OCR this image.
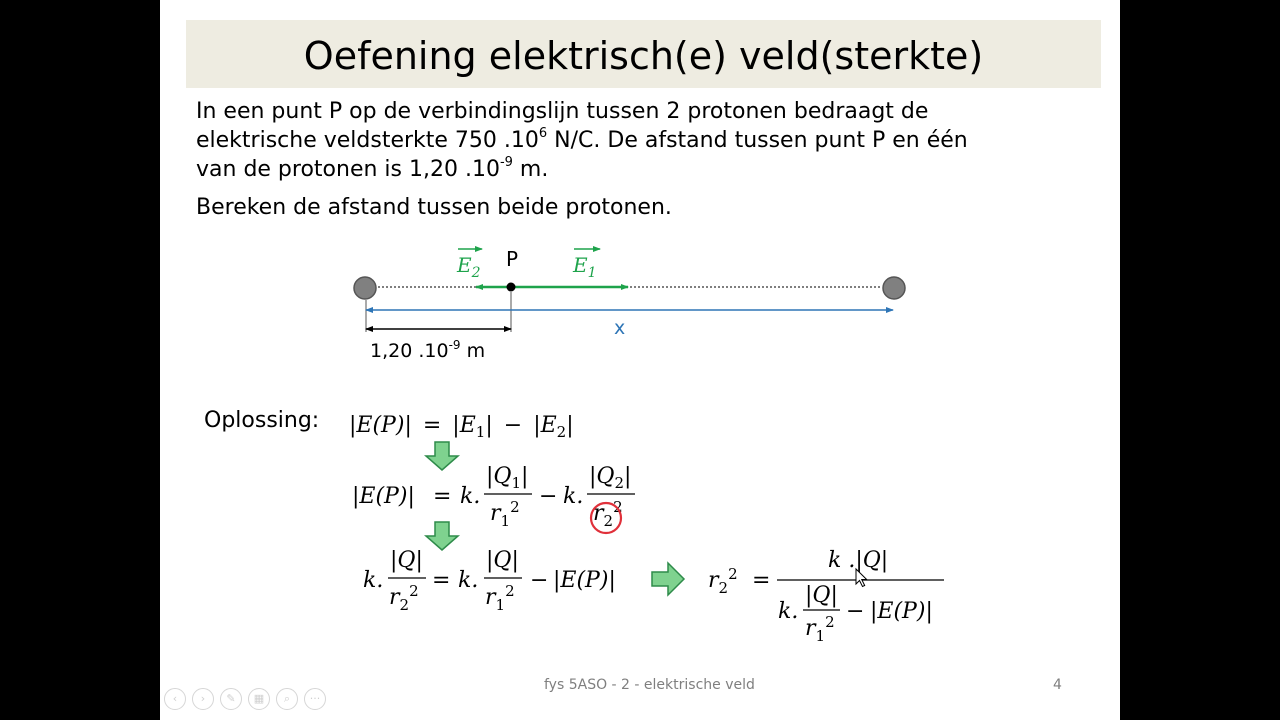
Oefening elektrisch(e) veld(sterkte)

In een punt P op de verbindingslijn tussen 2 protonen bedraagt de
elektrische veldsterkte 750 $.10^6$ N/C. De afstand tussen punt P en één
van de protonen is 1,20 $.10^{-9}$ m.

Bereken de afstand tussen beide protonen.

P
$E_2$	$E_1$
x
1,20 $.10^{-9}$ m
$|E(P)| = |E_1| - |E_2|$
|E(P)| = k.
$|Q_1|$
$r_1^2 - k$.
$|Q_2|$
$r_2^2$
k.
|Q|
$r_2^2 = k$.
|Q|
$r_1^2 - |E(P)|$	$r_2^2$ =
k .|Q|
k.
|Q|
$r_1^2 - |E(P)|$
Oplossing:
fys 5ASO - 2 - elektrische veld	4
‹	›	✎	▦	⌕	···
